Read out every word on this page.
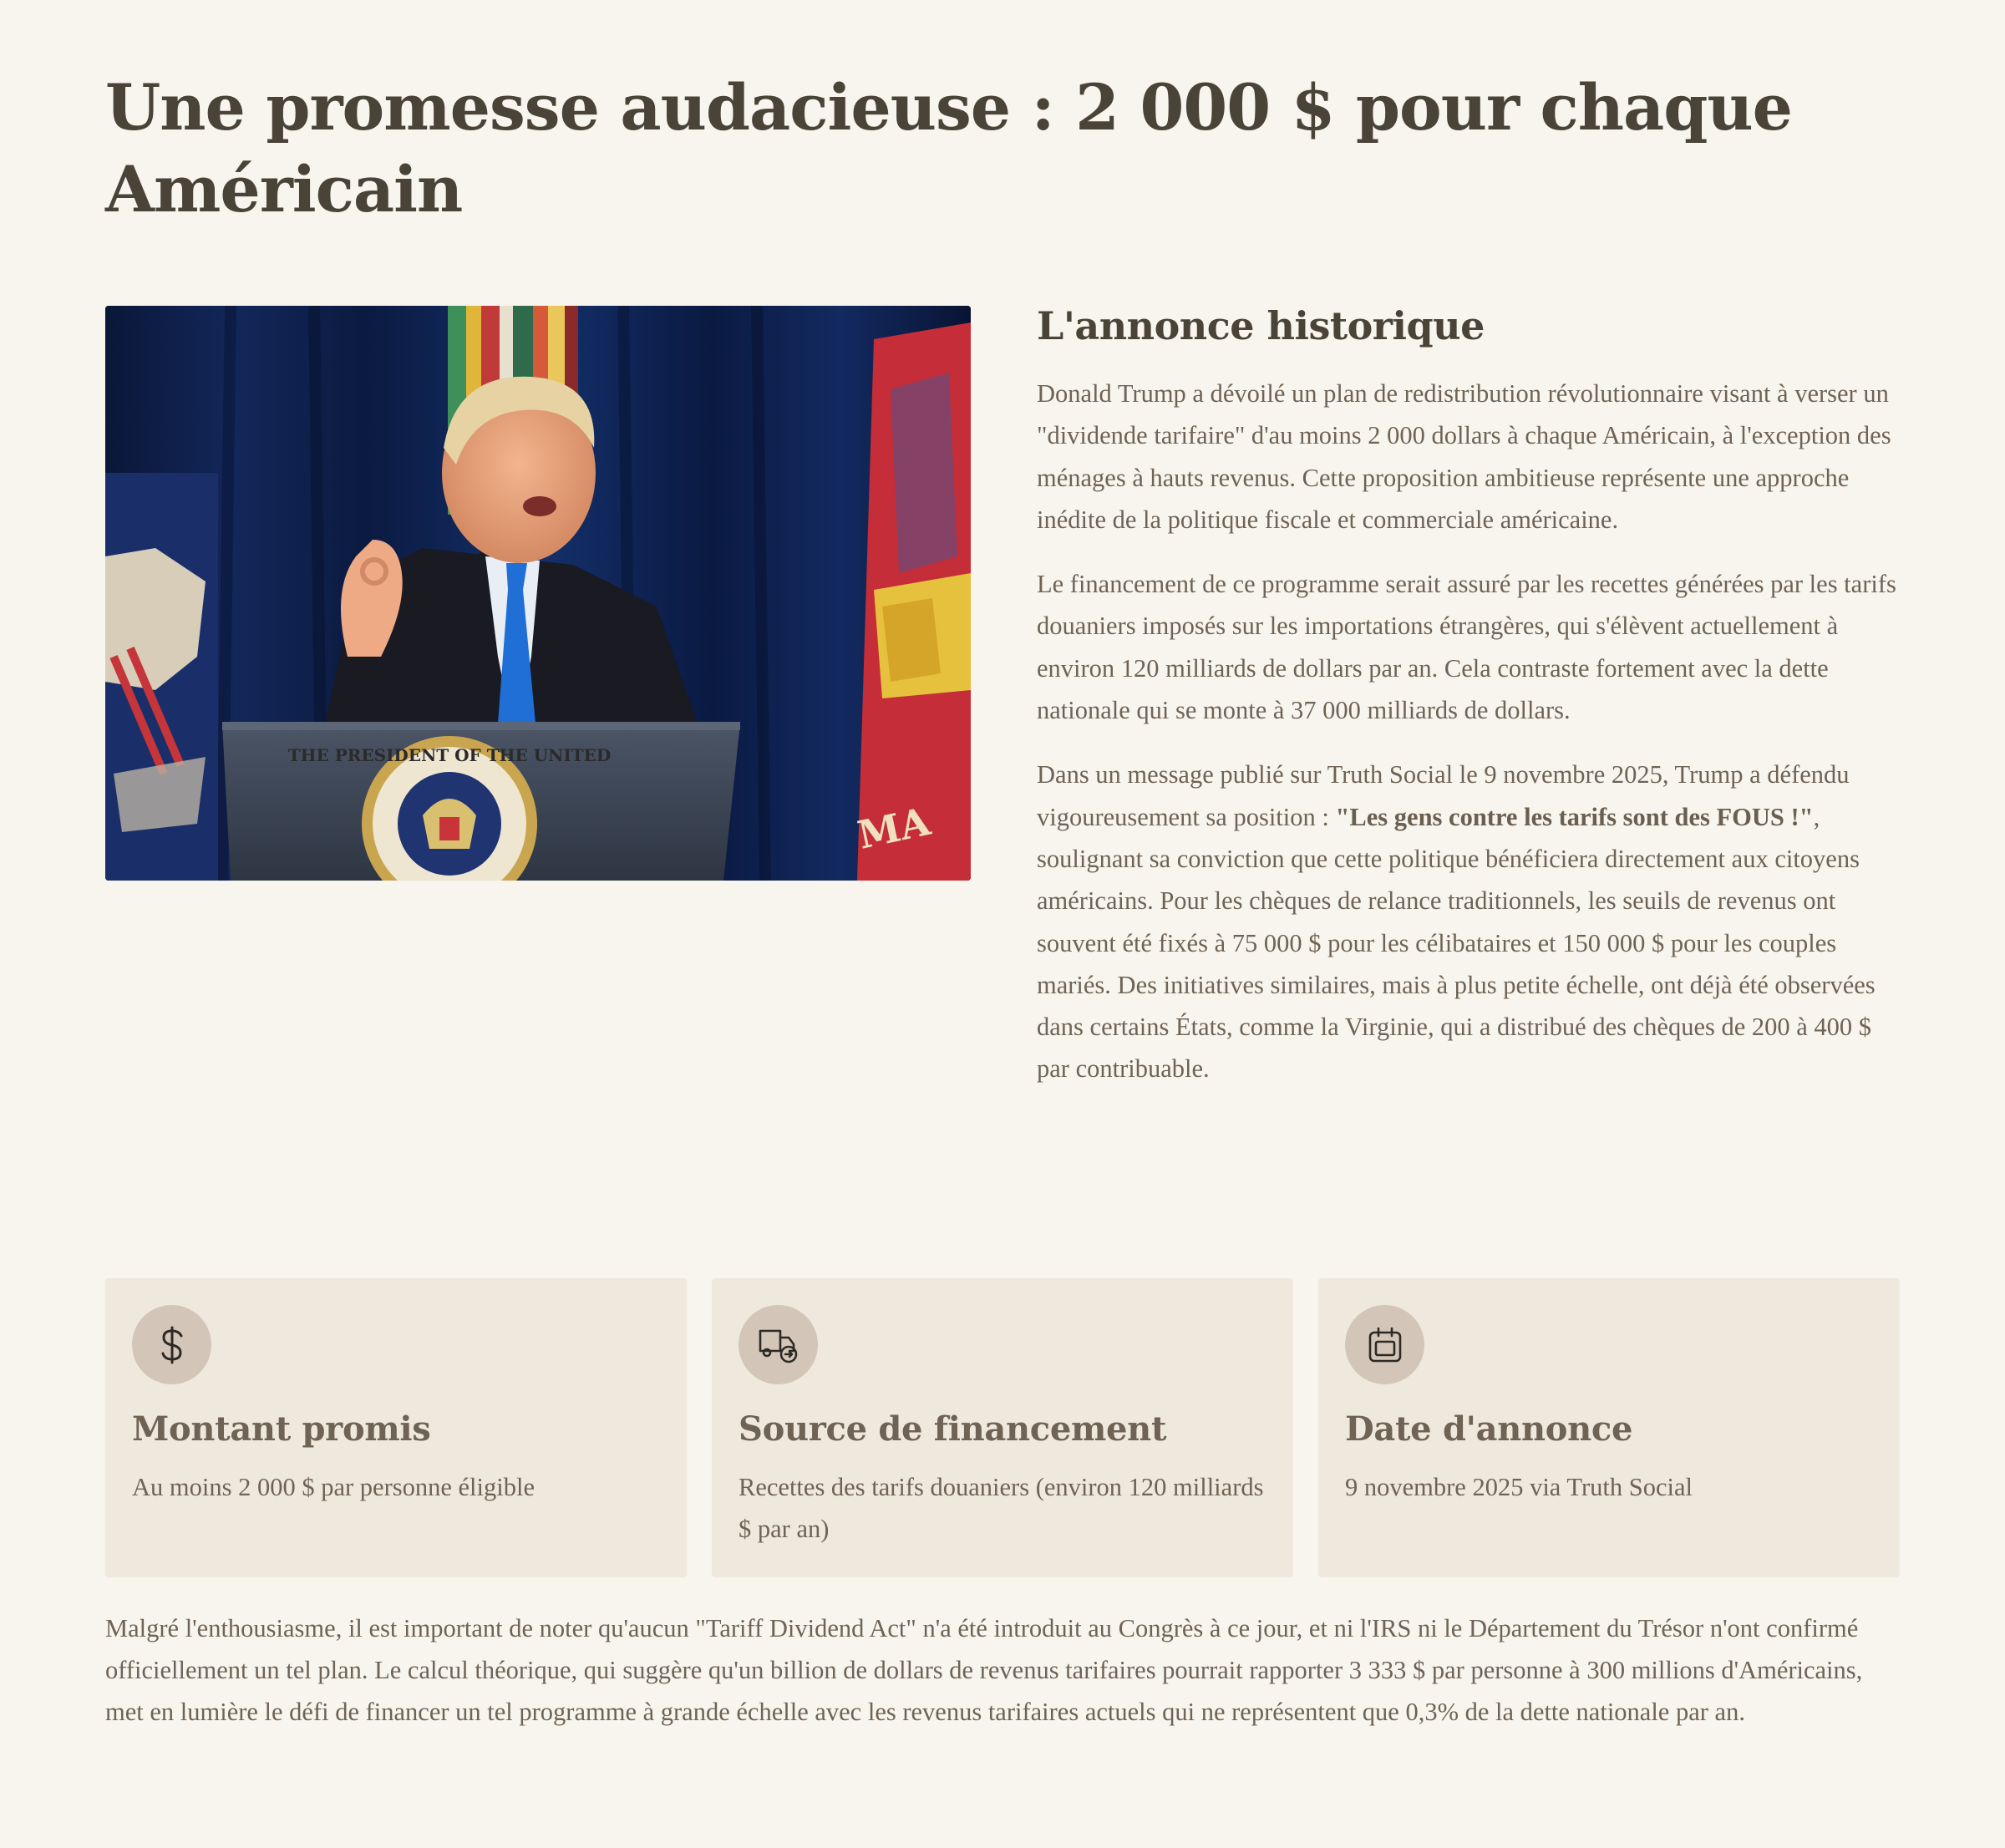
Une promesse audacieuse : 2 000 $ pour chaque Américain
MA
THE PRESIDENT OF THE UNITED
L'annonce historique

Donald Trump a dévoilé un plan de redistribution révolutionnaire visant à verser un "dividende tarifaire" d'au moins 2 000 dollars à chaque Américain, à l'exception des ménages à hauts revenus. Cette proposition ambitieuse représente une approche inédite de la politique fiscale et commerciale américaine.

Le financement de ce programme serait assuré par les recettes générées par les tarifs douaniers imposés sur les importations étrangères, qui s'élèvent actuellement à environ 120 milliards de dollars par an. Cela contraste fortement avec la dette nationale qui se monte à 37 000 milliards de dollars.

Dans un message publié sur Truth Social le 9 novembre 2025, Trump a défendu vigoureusement sa position : "Les gens contre les tarifs sont des FOUS !", soulignant sa conviction que cette politique bénéficiera directement aux citoyens américains. Pour les chèques de relance traditionnels, les seuils de revenus ont souvent été fixés à 75 000 $ pour les célibataires et 150 000 $ pour les couples mariés. Des initiatives similaires, mais à plus petite échelle, ont déjà été observées dans certains États, comme la Virginie, qui a distribué des chèques de 200 à 400 $ par contribuable.

Montant promis

Au moins 2 000 $ par personne éligible

Source de financement

Recettes des tarifs douaniers (environ 120 milliards $ par an)

Date d'annonce

9 novembre 2025 via Truth Social

Malgré l'enthousiasme, il est important de noter qu'aucun "Tariff Dividend Act" n'a été introduit au Congrès à ce jour, et ni l'IRS ni le Département du Trésor n'ont confirmé officiellement un tel plan. Le calcul théorique, qui suggère qu'un billion de dollars de revenus tarifaires pourrait rapporter 3 333 $ par personne à 300 millions d'Américains, met en lumière le défi de financer un tel programme à grande échelle avec les revenus tarifaires actuels qui ne représentent que 0,3% de la dette nationale par an.
